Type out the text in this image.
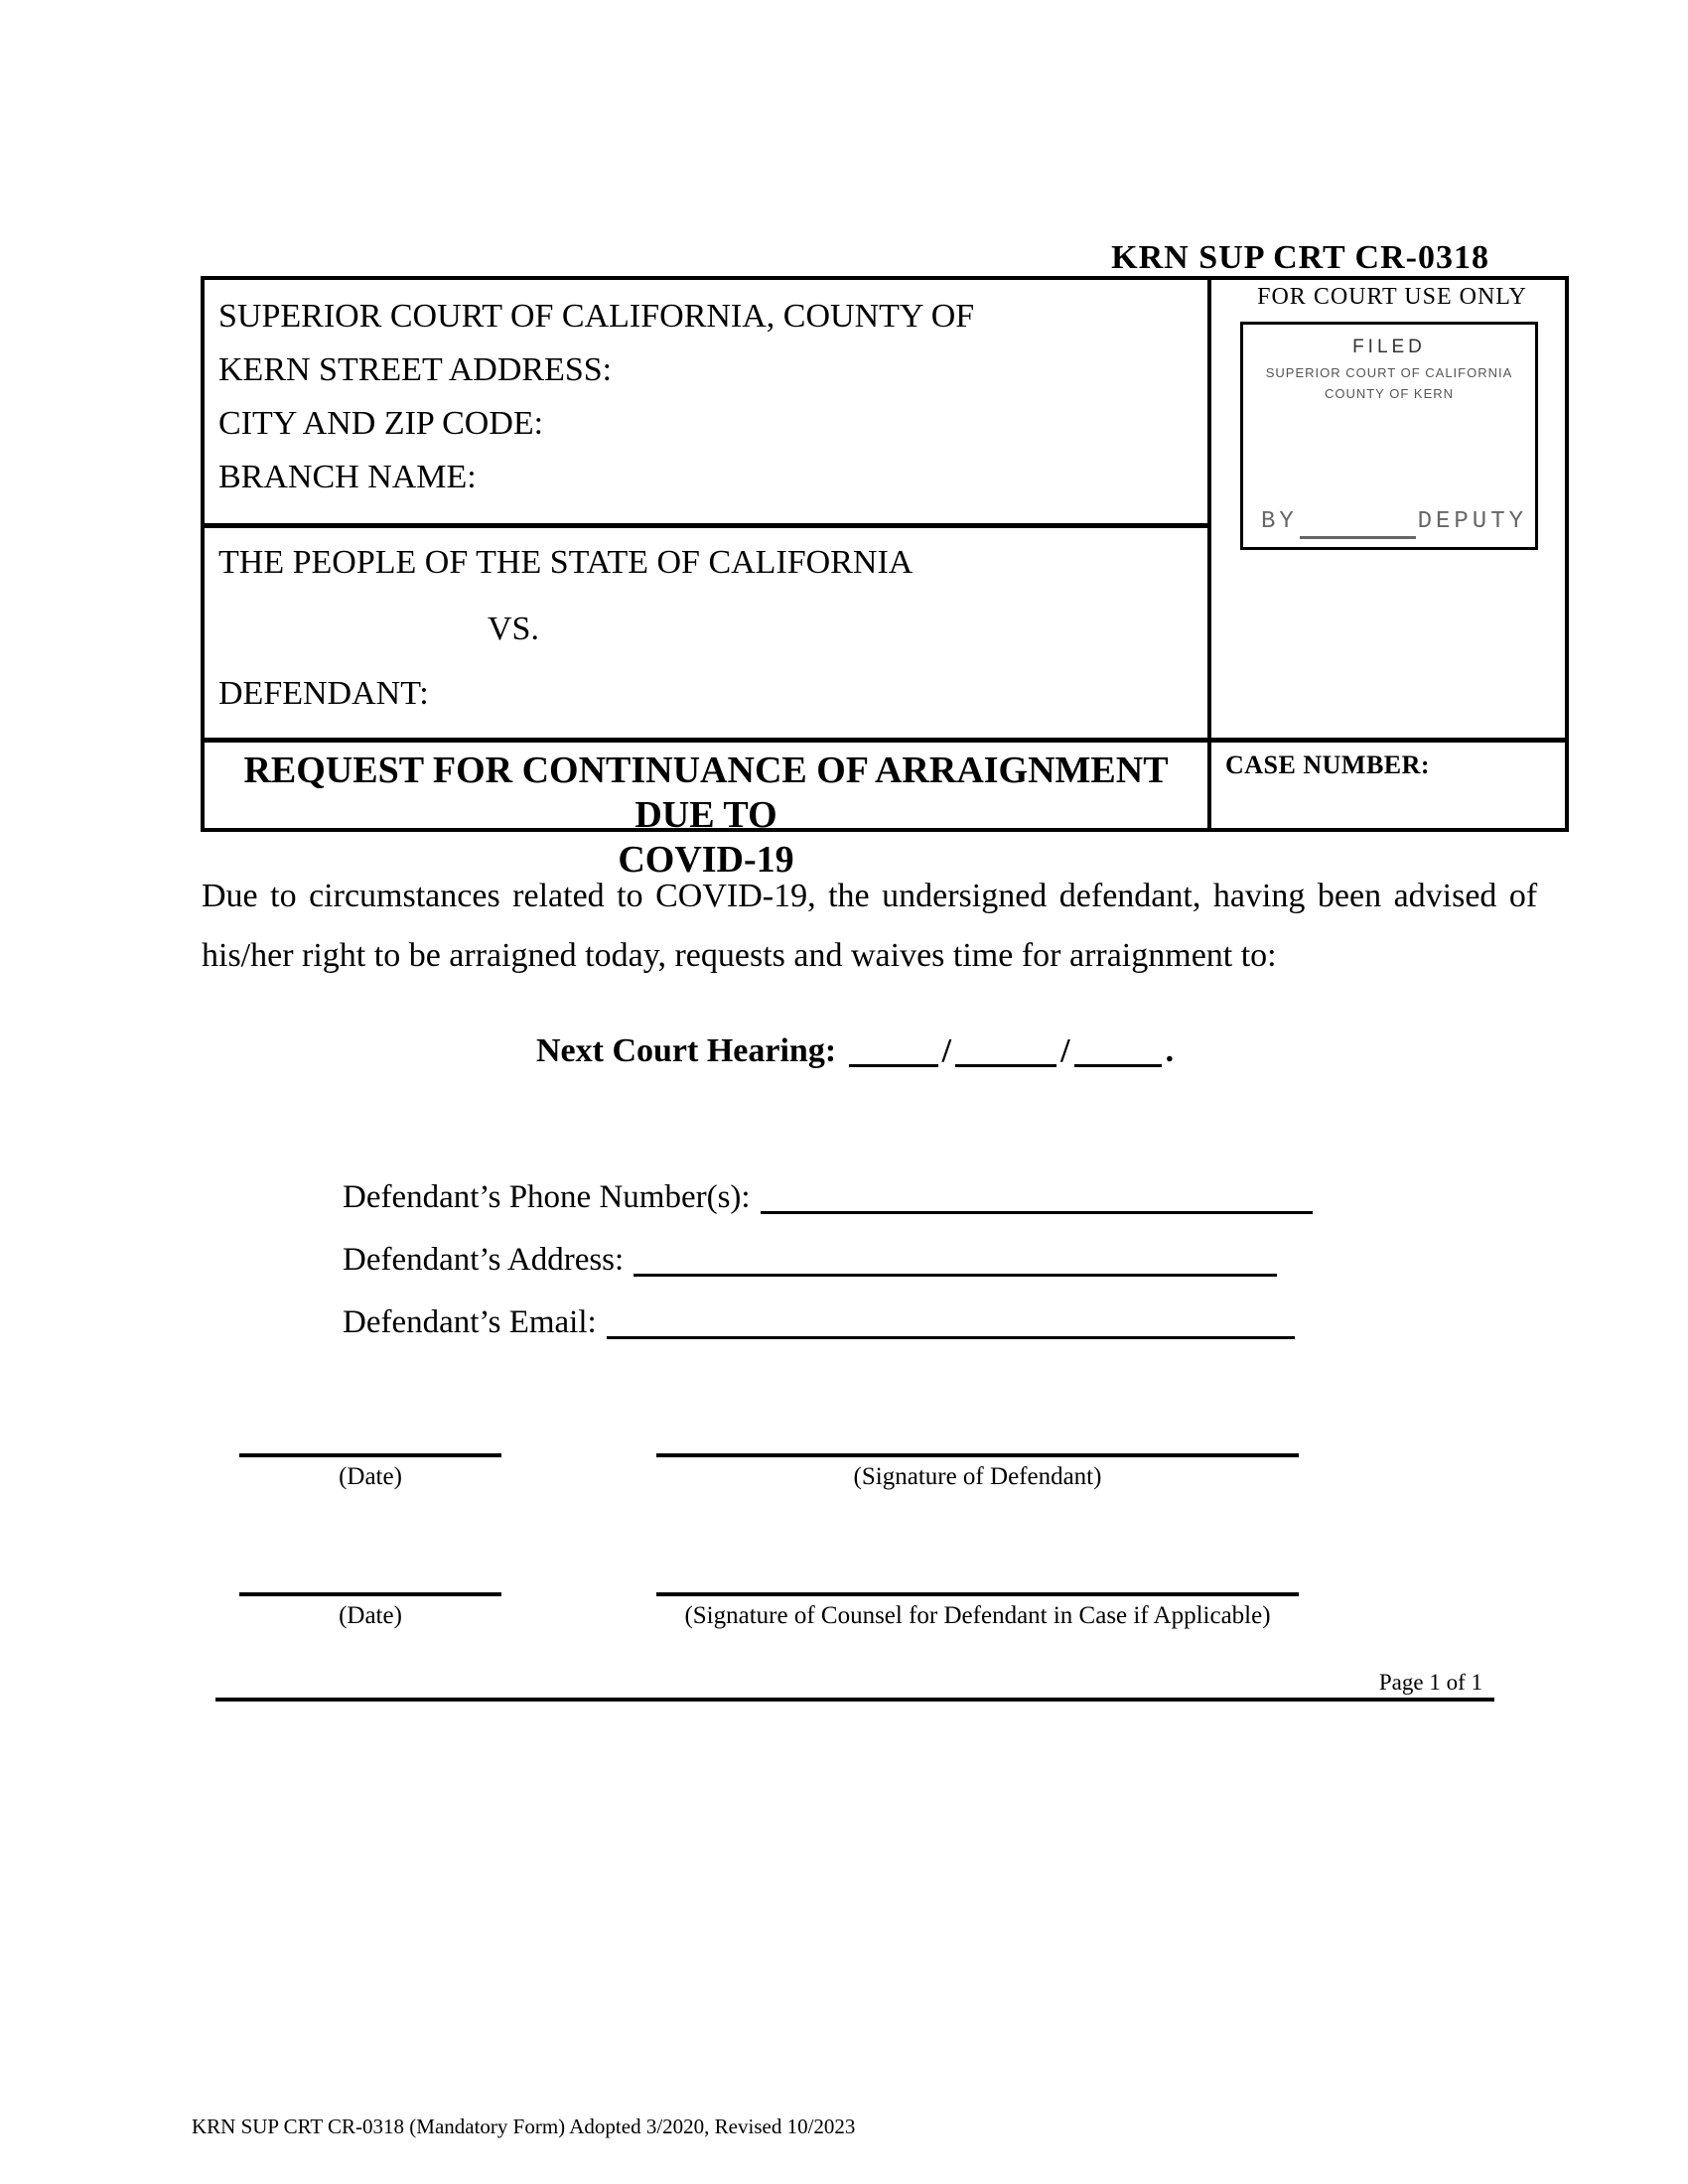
KRN SUP CRT CR-0318
SUPERIOR COURT OF CALIFORNIA, COUNTY OF
KERN STREET ADDRESS:
CITY AND ZIP CODE:
BRANCH NAME:
THE PEOPLE OF THE STATE OF CALIFORNIA
VS.
DEFENDANT:
REQUEST FOR CONTINUANCE OF ARRAIGNMENT DUE TO
COVID-19
FOR COURT USE ONLY
FILED
SUPERIOR COURT OF CALIFORNIA
COUNTY OF KERN
BY	DEPUTY
CASE NUMBER:
Due to circumstances related to COVID-19, the undersigned defendant, having been advised of
his/her right to be arraigned today, requests and waives time for arraignment to:
Next Court Hearing:	/	/	.
Defendant’s Phone Number(s):
Defendant’s Address:
Defendant’s Email:
(Date)	(Signature of Defendant)
(Date)	(Signature of Counsel for Defendant in Case if Applicable)
Page 1 of 1
KRN SUP CRT CR-0318 (Mandatory Form) Adopted 3/2020, Revised 10/2023
